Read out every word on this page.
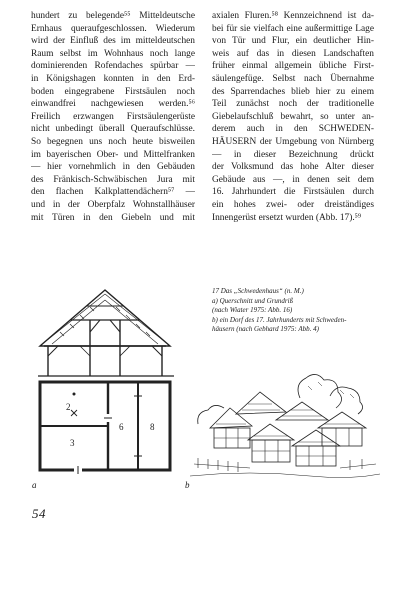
hundert zu belegende⁵⁵ Mitteldeutsche
Ernhaus queraufgeschlossen. Wiederum
wird der Einfluß des im mitteldeutschen
Raum selbst im Wohnhaus noch lange
dominierenden Rofendaches spürbar —
in Königshagen konnten in den Erd-
boden eingegrabene Firstsäulen noch
einwandfrei nachgewiesen werden.⁵⁶
Freilich erzwangen Firstsäulengerüste
nicht unbedingt überall Queraufschlüsse.
So begegnen uns noch heute bisweilen
im bayerischen Ober- und Mittelfranken
— hier vornehmlich in den Gebäuden
des Fränkisch-Schwäbischen Jura mit
den flachen Kalkplattendächern⁵⁷ —
und in der Oberpfalz Wohnstallhäuser
mit Türen in den Giebeln und mit
axialen Fluren.⁵⁸ Kennzeichnend ist da-
bei für sie vielfach eine außermittige Lage
von Tür und Flur, ein deutlicher Hin-
weis auf das in diesen Landschaften
früher einmal allgemein übliche First-
säulengefüge. Selbst nach Übernahme
des Sparrendaches blieb hier zu einem
Teil zunächst noch der traditionelle
Giebelaufschluß bewahrt, so unter an-
derem auch in den SCHWEDEN-
HÄUSERN der Umgebung von Nürnberg
— in dieser Bezeichnung drückt
der Volksmund das hohe Alter dieser
Gebäude aus —, in denen seit dem
16. Jahrhundert die Firstsäulen durch
ein hohes zwei- oder dreiständiges
Innengerüst ersetzt wurden (Abb. 17).⁵⁹
17 Das „Schwedenhaus“ (n. M.)
a) Querschnitt und Grundriß
(nach Wiater 1975: Abb. 16)
b) ein Dorf des 17. Jahrhunderts mit Schweden-
häusern (nach Gebhard 1975: Abb. 4)
2
3
6	8
a	b
54
